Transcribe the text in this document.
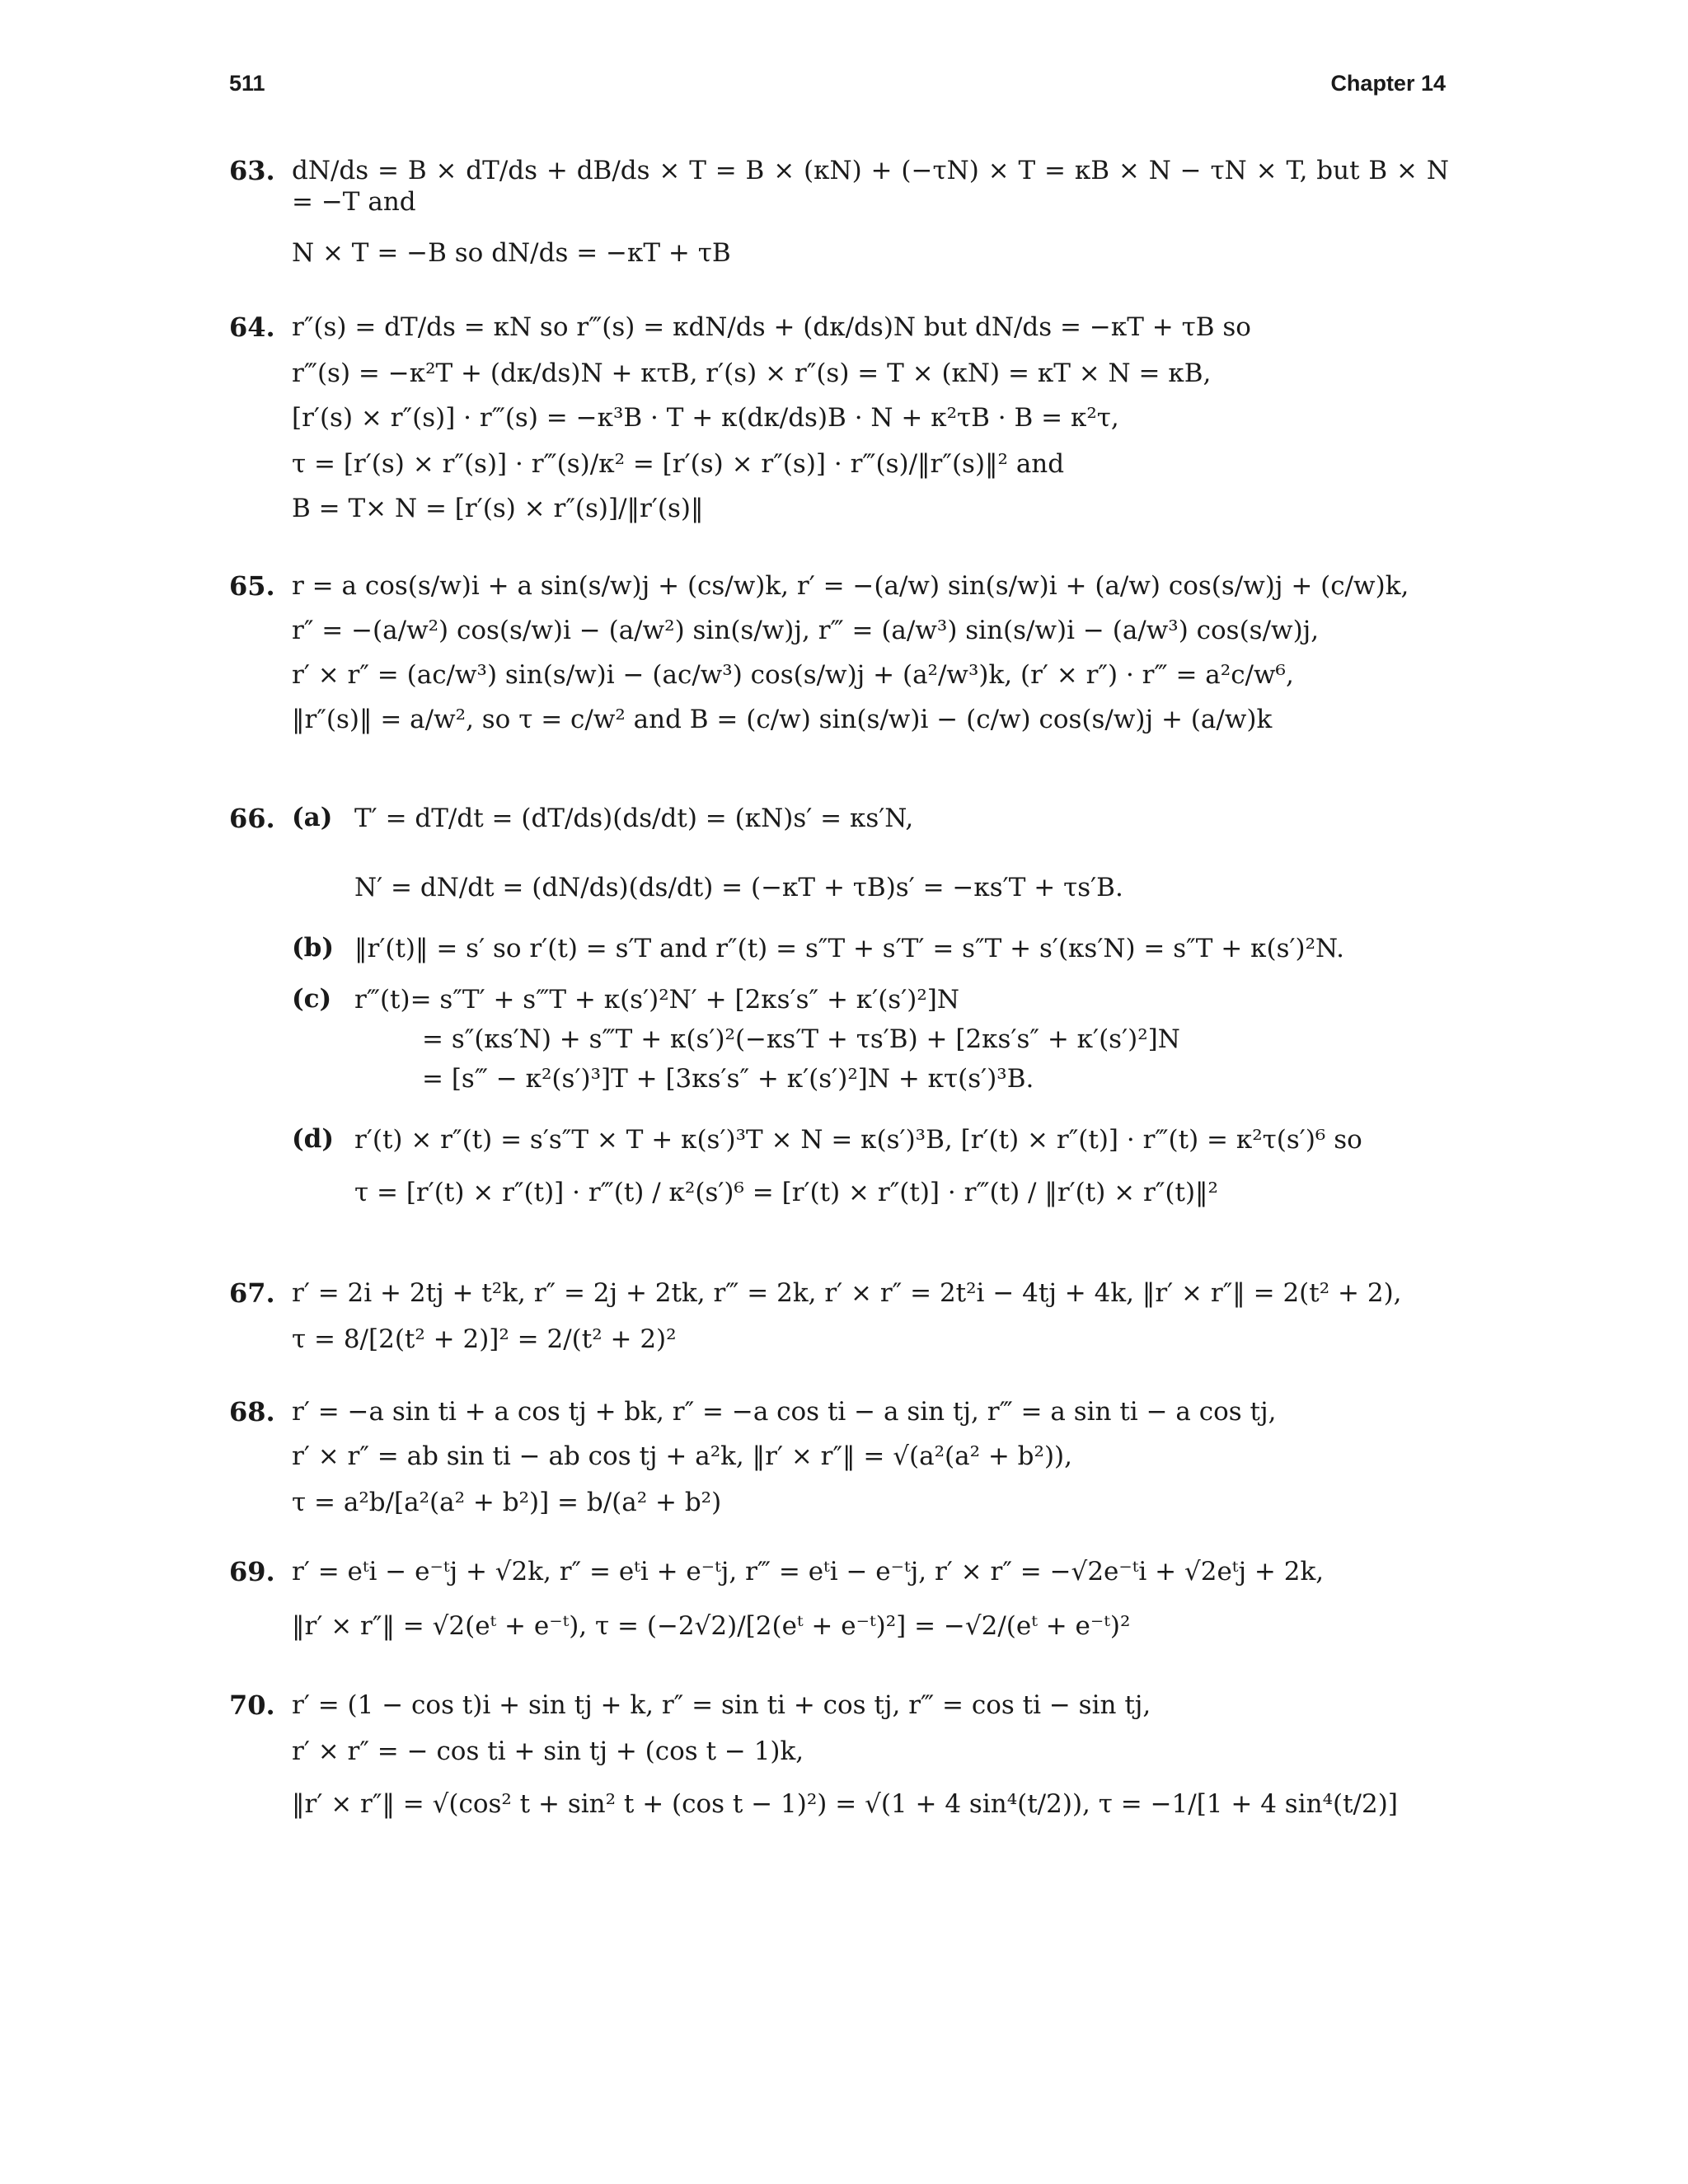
511	Chapter 14
63. dN/ds = B × dT/ds + dB/ds × T = B × (κN) + (−τN) × T = κB × N − τN × T, but B × N = −T and
N × T = −B so dN/ds = −κT + τB
64. r″(s) = dT/ds = κN so r‴(s) = κdN/ds + (dκ/ds)N but dN/ds = −κT + τB so
r‴(s) = −κ²T + (dκ/ds)N + κτB, r′(s) × r″(s) = T × (κN) = κT × N = κB,
[r′(s) × r″(s)] · r‴(s) = −κ³B · T + κ(dκ/ds)B · N + κ²τB · B = κ²τ,
τ = [r′(s) × r″(s)] · r‴(s)/κ² = [r′(s) × r″(s)] · r‴(s)/‖r″(s)‖² and
B = T× N = [r′(s) × r″(s)]/‖r′(s)‖
65. r = a cos(s/w)i + a sin(s/w)j + (cs/w)k, r′ = −(a/w) sin(s/w)i + (a/w) cos(s/w)j + (c/w)k,
r″ = −(a/w²) cos(s/w)i − (a/w²) sin(s/w)j, r‴ = (a/w³) sin(s/w)i − (a/w³) cos(s/w)j,
r′ × r″ = (ac/w³) sin(s/w)i − (ac/w³) cos(s/w)j + (a²/w³)k, (r′ × r″) · r‴ = a²c/w⁶,
‖r″(s)‖ = a/w², so τ = c/w² and B = (c/w) sin(s/w)i − (c/w) cos(s/w)j + (a/w)k
66. (a) T′ = dT/dt = (dT/ds)(ds/dt) = (κN)s′ = κs′N,
N′ = dN/dt = (dN/ds)(ds/dt) = (−κT + τB)s′ = −κs′T + τs′B.
(b) ‖r′(t)‖ = s′ so r′(t) = s′T and r″(t) = s″T + s′T′ = s″T + s′(κs′N) = s″T + κ(s′)²N.
(c) r‴(t)= s″T′ + s‴T + κ(s′)²N′ + [2κs′s″ + κ′(s′)²]N
= s″(κs′N) + s‴T + κ(s′)²(−κs′T + τs′B) + [2κs′s″ + κ′(s′)²]N
= [s‴ − κ²(s′)³]T + [3κs′s″ + κ′(s′)²]N + κτ(s′)³B.
(d) r′(t) × r″(t) = s′s″T × T + κ(s′)³T × N = κ(s′)³B, [r′(t) × r″(t)] · r‴(t) = κ²τ(s′)⁶ so
τ = [r′(t) × r″(t)] · r‴(t) / κ²(s′)⁶ = [r′(t) × r″(t)] · r‴(t) / ‖r′(t) × r″(t)‖²
67. r′ = 2i + 2tj + t²k, r″ = 2j + 2tk, r‴ = 2k, r′ × r″ = 2t²i − 4tj + 4k, ‖r′ × r″‖ = 2(t² + 2),
τ = 8/[2(t² + 2)]² = 2/(t² + 2)²
68. r′ = −a sin ti + a cos tj + bk, r″ = −a cos ti − a sin tj, r‴ = a sin ti − a cos tj,
r′ × r″ = ab sin ti − ab cos tj + a²k, ‖r′ × r″‖ = √(a²(a² + b²)),
τ = a²b/[a²(a² + b²)] = b/(a² + b²)
69. r′ = eᵗi − e⁻ᵗj + √2k, r″ = eᵗi + e⁻ᵗj, r‴ = eᵗi − e⁻ᵗj, r′ × r″ = −√2e⁻ᵗi + √2eᵗj + 2k,
‖r′ × r″‖ = √2(eᵗ + e⁻ᵗ), τ = (−2√2)/[2(eᵗ + e⁻ᵗ)²] = −√2/(eᵗ + e⁻ᵗ)²
70. r′ = (1 − cos t)i + sin tj + k, r″ = sin ti + cos tj, r‴ = cos ti − sin tj,
r′ × r″ = − cos ti + sin tj + (cos t − 1)k,
‖r′ × r″‖ = √(cos² t + sin² t + (cos t − 1)²) = √(1 + 4 sin⁴(t/2)), τ = −1/[1 + 4 sin⁴(t/2)]
